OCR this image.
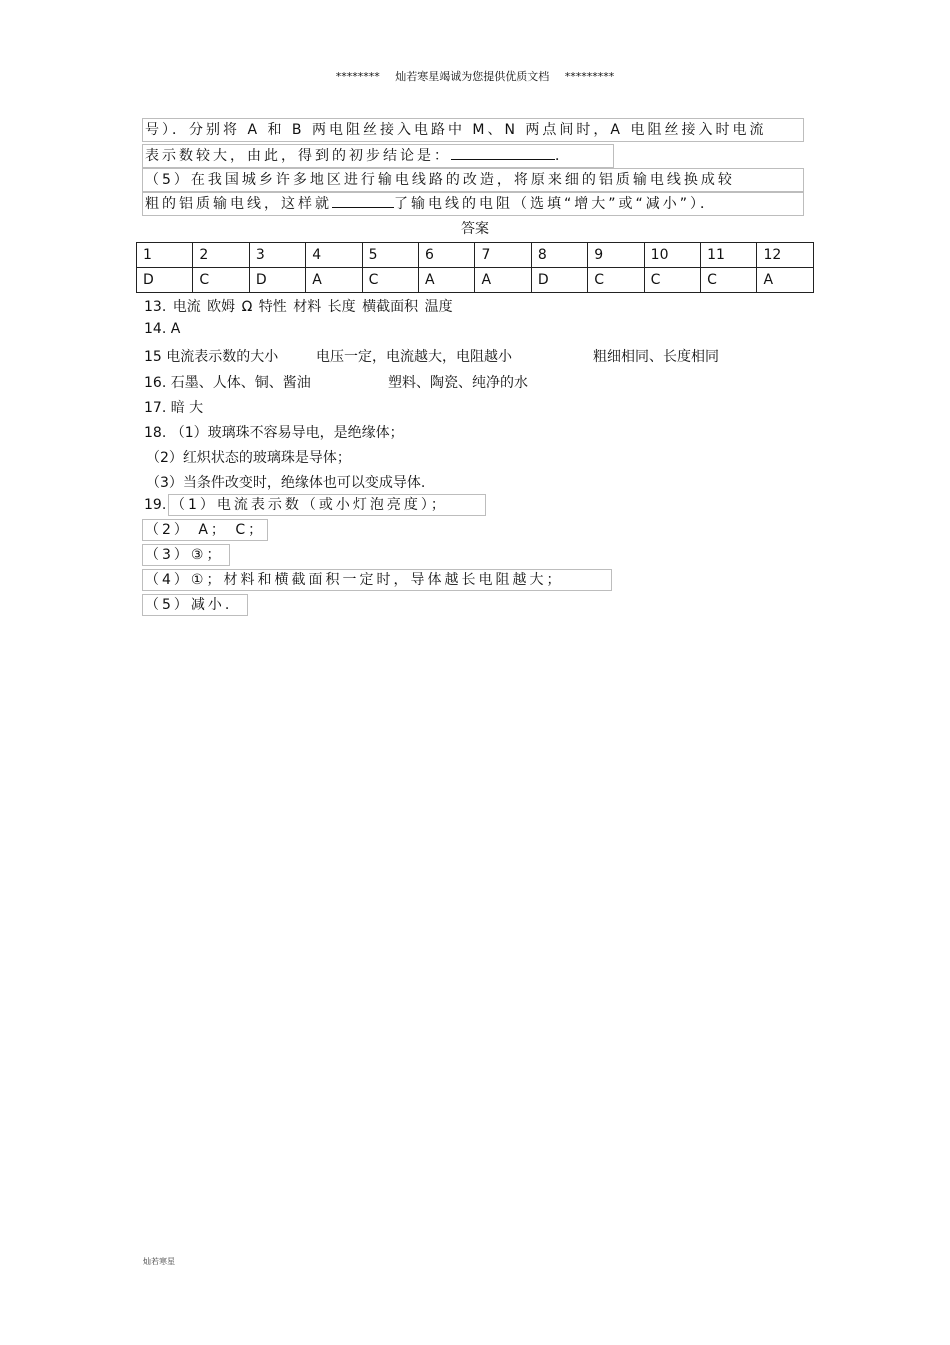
******** 灿若寒星竭诚为您提供优质文档 *********
号）．分别将 A 和 B 两电阻丝接入电路中 M、N 两点间时，A 电阻丝接入时电流
表示数较大，由此，得到的初步结论是：	．
（5）在我国城乡许多地区进行输电线路的改造，将原来细的铝质输电线换成较
粗的铝质输电线，这样就	了输电线的电阻（选填“增大”或“减小”）．
答案
1	2	3	4	5	6	7	8	9	10	11	12
D	C	D	A	C	A	A	D	C	C	C	A
13. 电流 欧姆 Ω 特性 材料 长度 横截面积 温度
14. A
15 电流表示数的大小	电压一定，电流越大，电阻越小	粗细相同、长度相同
16. 石墨、人体、铜、酱油	塑料、陶瓷、纯净的水
17. 暗 大
18. （1）玻璃珠不容易导电，是绝缘体；
（2）红炽状态的玻璃珠是导体；
（3）当条件改变时，绝缘体也可以变成导体.
19. （1）电流表示数（或小灯泡亮度）；
（2） A； C；
（3）③；
（4）①；材料和横截面积一定时，导体越长电阻越大；
（5）减小.
灿若寒星
